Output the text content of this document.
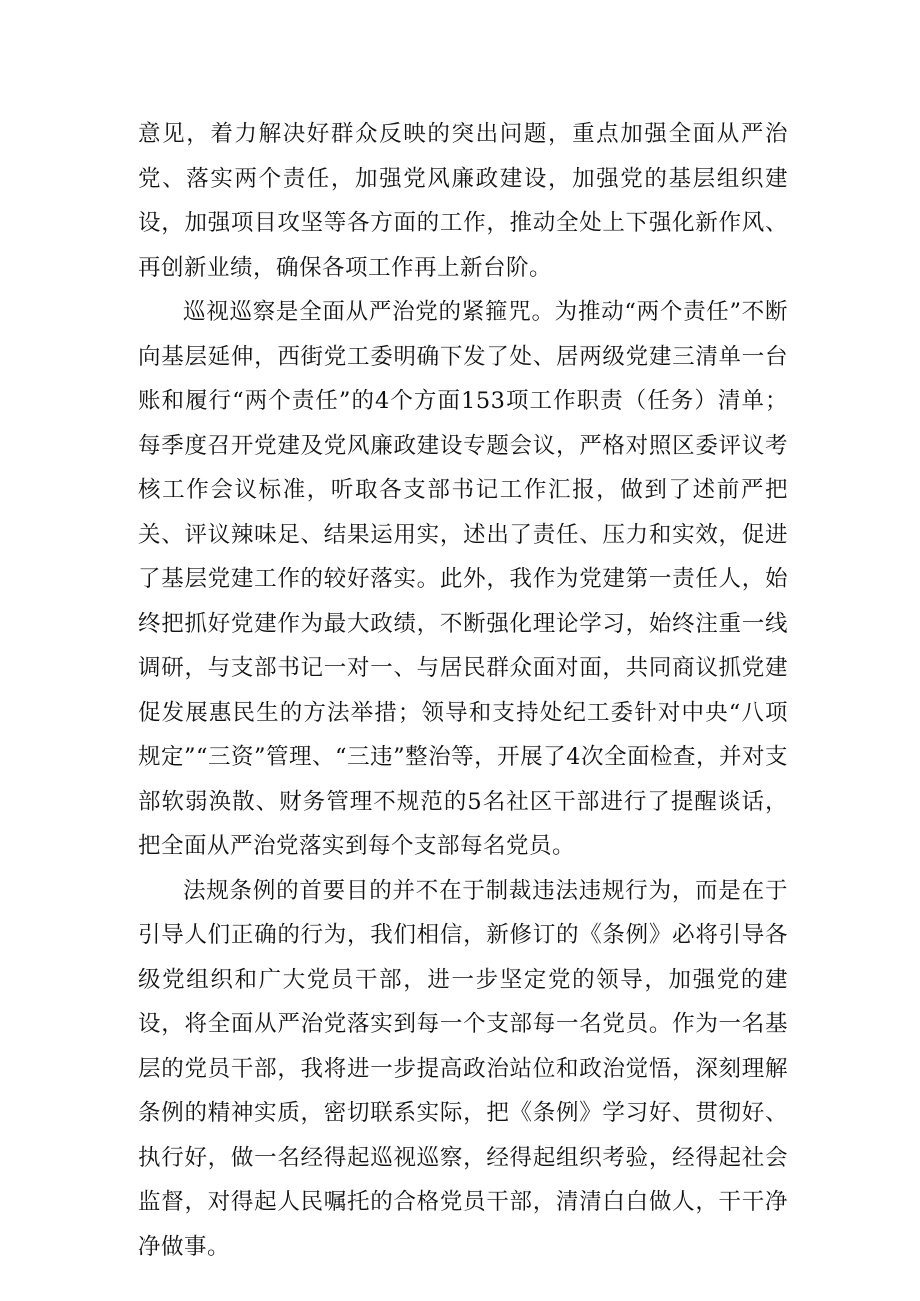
意见，着力解决好群众反映的突出问题，重点加强全面从严治党、落实两个责任，加强党风廉政建设，加强党的基层组织建设，加强项目攻坚等各方面的工作，推动全处上下强化新作风、再创新业绩，确保各项工作再上新台阶。

巡视巡察是全面从严治党的紧箍咒。为推动“两个责任”不断向基层延伸，西街党工委明确下发了处、居两级党建三清单一台账和履行“两个责任”的4个方面153项工作职责（任务）清单；每季度召开党建及党风廉政建设专题会议，严格对照区委评议考核工作会议标准，听取各支部书记工作汇报，做到了述前严把关、评议辣味足、结果运用实，述出了责任、压力和实效，促进了基层党建工作的较好落实。此外，我作为党建第一责任人，始终把抓好党建作为最大政绩，不断强化理论学习，始终注重一线调研，与支部书记一对一、与居民群众面对面，共同商议抓党建促发展惠民生的方法举措；领导和支持处纪工委针对中央“八项规定”“三资”管理、“三违”整治等，开展了4次全面检查，并对支部软弱涣散、财务管理不规范的5名社区干部进行了提醒谈话，把全面从严治党落实到每个支部每名党员。

法规条例的首要目的并不在于制裁违法违规行为，而是在于引导人们正确的行为，我们相信，新修订的《条例》必将引导各级党组织和广大党员干部，进一步坚定党的领导，加强党的建设，将全面从严治党落实到每一个支部每一名党员。作为一名基层的党员干部，我将进一步提高政治站位和政治觉悟，深刻理解条例的精神实质，密切联系实际，把《条例》学习好、贯彻好、执行好，做一名经得起巡视巡察，经得起组织考验，经得起社会监督，对得起人民嘱托的合格党员干部，清清白白做人，干干净净做事。
